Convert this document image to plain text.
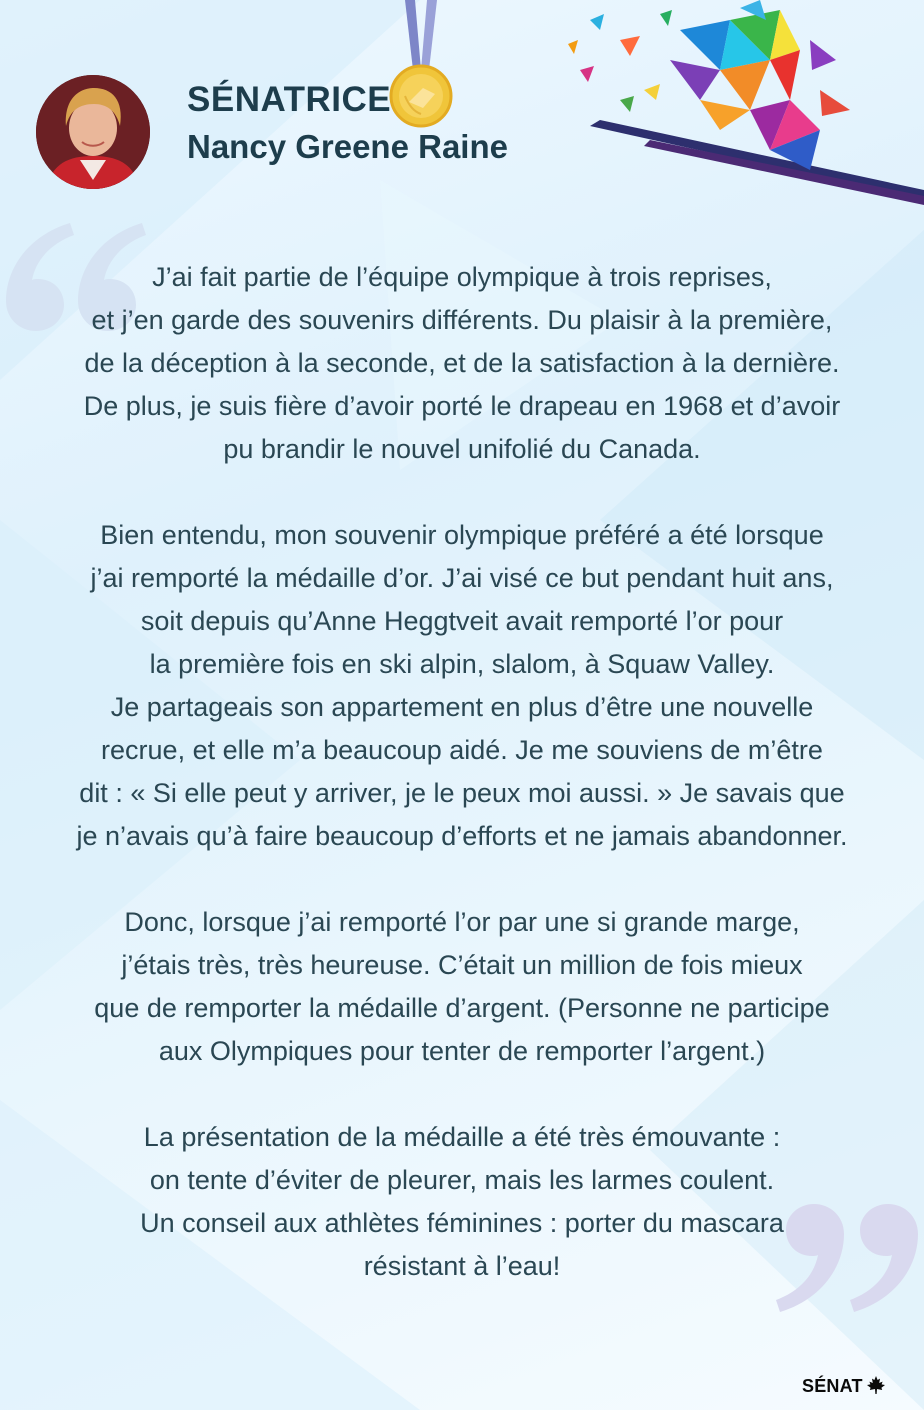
SÉNATRICE
Nancy Greene Raine
J’ai fait partie de l’équipe olympique à trois reprises,
et j’en garde des souvenirs différents. Du plaisir à la première,
de la déception à la seconde, et de la satisfaction à la dernière.
De plus, je suis fière d’avoir porté le drapeau en 1968 et d’avoir
pu brandir le nouvel unifolié du Canada.
Bien entendu, mon souvenir olympique préféré a été lorsque
j’ai remporté la médaille d’or. J’ai visé ce but pendant huit ans,
soit depuis qu’Anne Heggtveit avait remporté l’or pour
la première fois en ski alpin, slalom, à Squaw Valley.
Je partageais son appartement en plus d’être une nouvelle
recrue, et elle m’a beaucoup aidé. Je me souviens de m’être
dit : « Si elle peut y arriver, je le peux moi aussi. » Je savais que
je n’avais qu’à faire beaucoup d’efforts et ne jamais abandonner.
Donc, lorsque j’ai remporté l’or par une si grande marge,
j’étais très, très heureuse. C’était un million de fois mieux
que de remporter la médaille d’argent. (Personne ne participe
aux Olympiques pour tenter de remporter l’argent.)
La présentation de la médaille a été très émouvante :
on tente d’éviter de pleurer, mais les larmes coulent.
Un conseil aux athlètes féminines : porter du mascara
résistant à l’eau!
SÉNAT
